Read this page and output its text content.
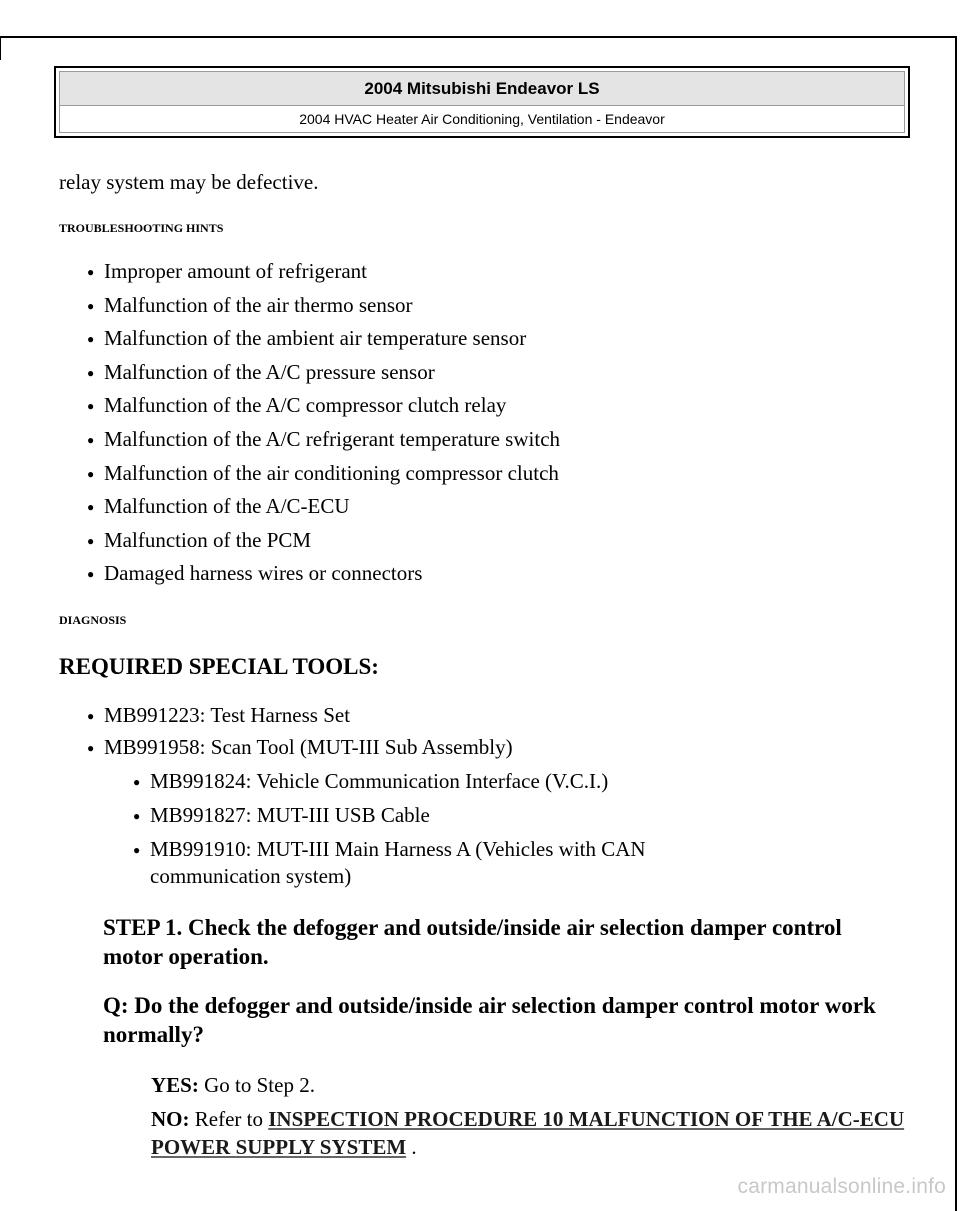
2004 Mitsubishi Endeavor LS
2004 HVAC Heater Air Conditioning, Ventilation - Endeavor

relay system may be defective.

TROUBLESHOOTING HINTS

● Improper amount of refrigerant
● Malfunction of the air thermo sensor
● Malfunction of the ambient air temperature sensor
● Malfunction of the A/C pressure sensor
● Malfunction of the A/C compressor clutch relay
● Malfunction of the A/C refrigerant temperature switch
● Malfunction of the air conditioning compressor clutch
● Malfunction of the A/C-ECU
● Malfunction of the PCM
● Damaged harness wires or connectors

DIAGNOSIS

REQUIRED SPECIAL TOOLS:

● MB991223: Test Harness Set
● MB991958: Scan Tool (MUT-III Sub Assembly)
● MB991824: Vehicle Communication Interface (V.C.I.)
● MB991827: MUT-III USB Cable
● MB991910: MUT-III Main Harness A (Vehicles with CAN communication system)

STEP 1. Check the defogger and outside/inside air selection damper control motor operation.

Q: Do the defogger and outside/inside air selection damper control motor work normally?

YES: Go to Step 2.

NO: Refer to INSPECTION PROCEDURE 10 MALFUNCTION OF THE A/C-ECU POWER SUPPLY SYSTEM .

carmanualsonline.info
